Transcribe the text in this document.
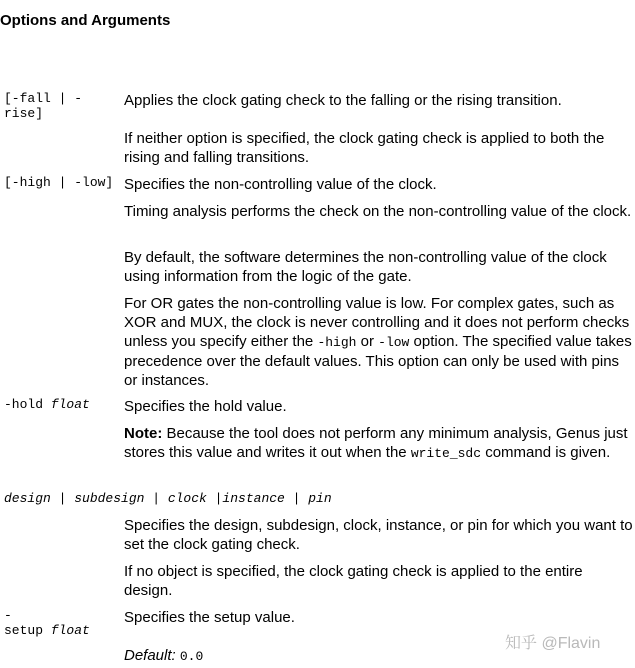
Options and Arguments
[-fall | -
rise]
Applies the clock gating check to the falling or the rising transition.
If neither option is specified, the clock gating check is applied to both the rising and falling transitions.
[-high | -low] Specifies the non-controlling value of the clock.
Timing analysis performs the check on the non-controlling value of the clock.
By default, the software determines the non-controlling value of the clock using information from the logic of the gate.
For OR gates the non-controlling value is low. For complex gates, such as XOR and MUX, the clock is never controlling and it does not perform checks unless you specify either the -high or -low option. The specified value takes precedence over the default values. This option can only be used with pins or instances.
-hold float Specifies the hold value.
Note: Because the tool does not perform any minimum analysis, Genus just stores this value and writes it out when the write_sdc command is given.
design | subdesign | clock |instance | pin
Specifies the design, subdesign, clock, instance, or pin for which you want to set the clock gating check.
If no object is specified, the clock gating check is applied to the entire design.
-
setup float
Specifies the setup value.
Default: 0.0
知乎 @Flavin
